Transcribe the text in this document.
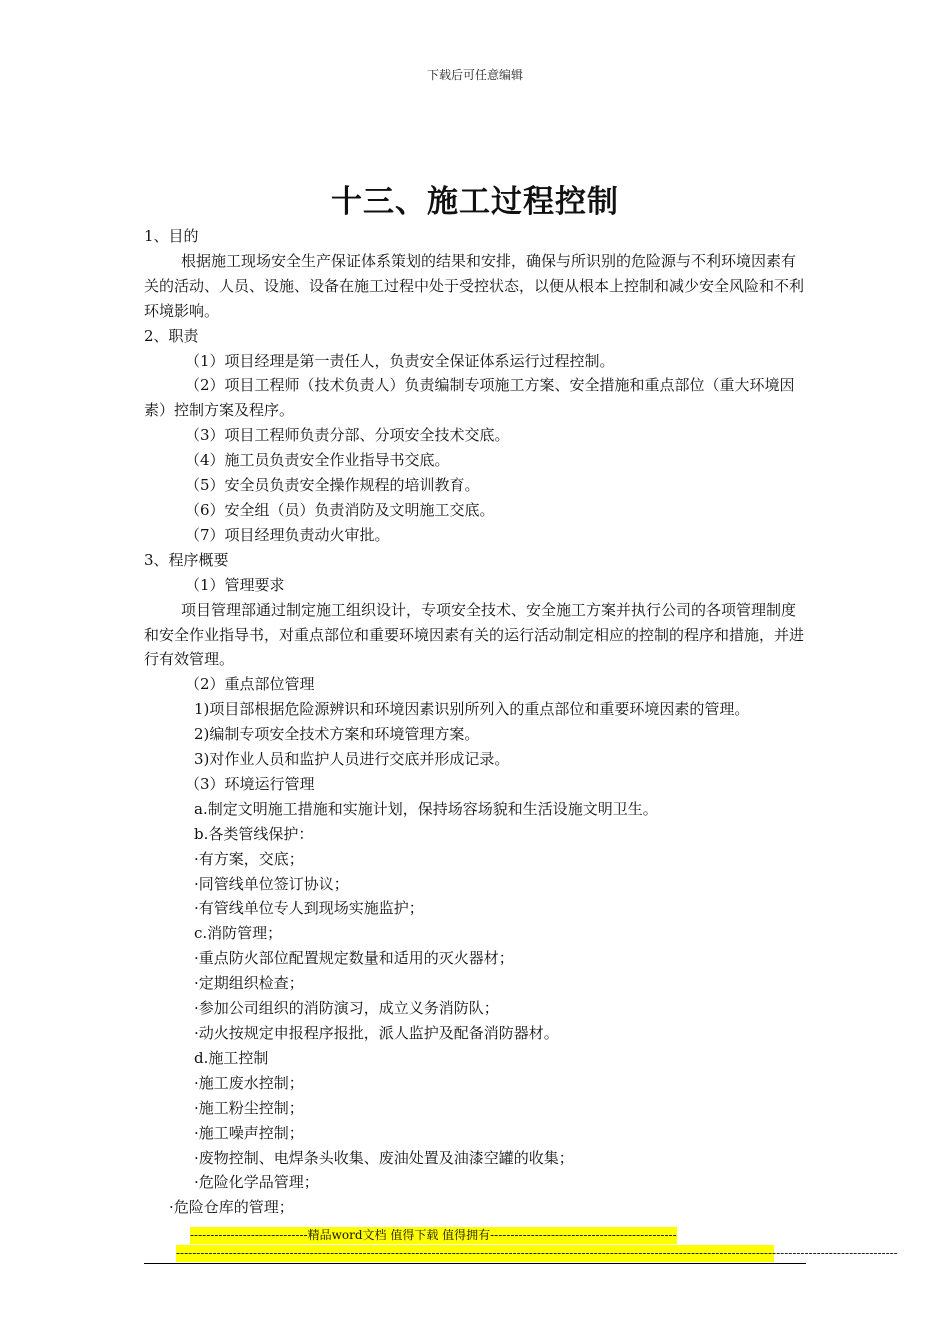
下载后可任意编辑
十三、施工过程控制

1、目的

根据施工现场安全生产保证体系策划的结果和安排，确保与所识别的危险源与不利环境因素有关的活动、人员、设施、设备在施工过程中处于受控状态，以便从根本上控制和减少安全风险和不利环境影响。

2、职责

（1）项目经理是第一责任人，负责安全保证体系运行过程控制。

（2）项目工程师（技术负责人）负责编制专项施工方案、安全措施和重点部位（重大环境因素）控制方案及程序。

（3）项目工程师负责分部、分项安全技术交底。

（4）施工员负责安全作业指导书交底。

（5）安全员负责安全操作规程的培训教育。

（6）安全组（员）负责消防及文明施工交底。

（7）项目经理负责动火审批。

3、程序概要

（1）管理要求

项目管理部通过制定施工组织设计，专项安全技术、安全施工方案并执行公司的各项管理制度和安全作业指导书，对重点部位和重要环境因素有关的运行活动制定相应的控制的程序和措施，并进行有效管理。

（2）重点部位管理

1)项目部根据危险源辨识和环境因素识别所列入的重点部位和重要环境因素的管理。

2)编制专项安全技术方案和环境管理方案。

3)对作业人员和监护人员进行交底并形成记录。

（3）环境运行管理

a.制定文明施工措施和实施计划，保持场容场貌和生活设施文明卫生。

b.各类管线保护：

·有方案，交底；

·同管线单位签订协议；

·有管线单位专人到现场实施监护；

c.消防管理；

·重点防火部位配置规定数量和适用的灭火器材；

·定期组织检查；

·参加公司组织的消防演习，成立义务消防队；

·动火按规定申报程序报批，派人监护及配备消防器材。

d.施工控制

·施工废水控制；

·施工粉尘控制；

·施工噪声控制；

·废物控制、电焊条头收集、废油处置及油漆空罐的收集；

·危险化学品管理；

·危险仓库的管理；

-----------------------------精品word文档 值得下载 值得拥有----------------------------------------------
----------------------------------------------------------------------------------------------------------------------------------------------------------------------------------
